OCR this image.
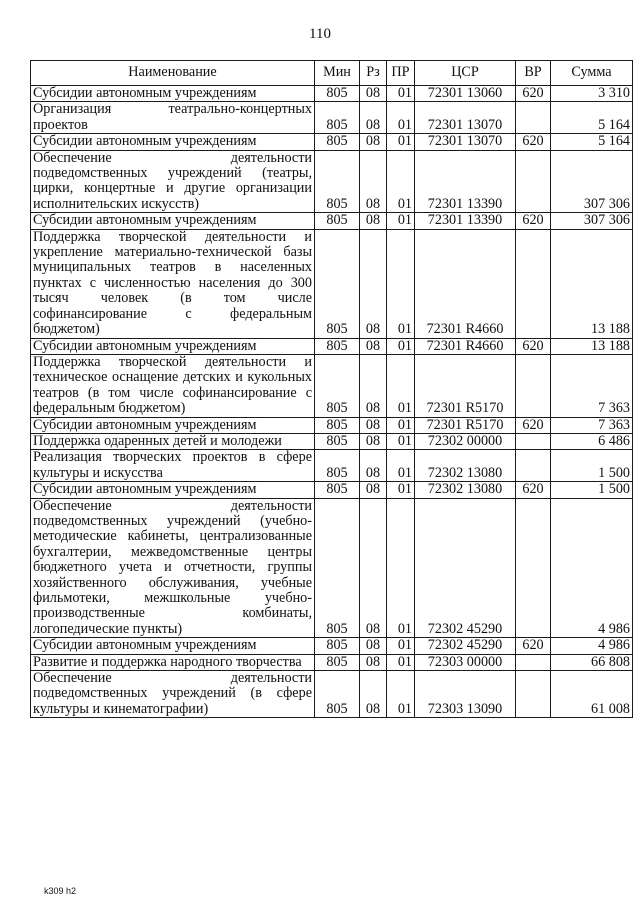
110
Наименование	Мин	Рз	ПР	ЦСР	ВР	Сумма
Субсидии автономным учреждениям	805	08	01	72301 13060	620	3 310
Организация театрально-концертных проектов	805	08	01	72301 13070		5 164
Субсидии автономным учреждениям	805	08	01	72301 13070	620	5 164
Обеспечение деятельности подведомственных учреждений (театры, цирки, концертные и другие организации исполнительских искусств)	805	08	01	72301 13390		307 306
Субсидии автономным учреждениям	805	08	01	72301 13390	620	307 306
Поддержка творческой деятельности и укрепление материально-технической базы муниципальных театров в населенных пунктах с численностью населения до 300 тысяч человек (в том числе софинансирование с федеральным бюджетом)	805	08	01	72301 R4660		13 188
Субсидии автономным учреждениям	805	08	01	72301 R4660	620	13 188
Поддержка творческой деятельности и техническое оснащение детских и кукольных театров (в том числе софинансирование с федеральным бюджетом)	805	08	01	72301 R5170		7 363
Субсидии автономным учреждениям	805	08	01	72301 R5170	620	7 363
Поддержка одаренных детей и молодежи	805	08	01	72302 00000		6 486
Реализация творческих проектов в сфере культуры и искусства	805	08	01	72302 13080		1 500
Субсидии автономным учреждениям	805	08	01	72302 13080	620	1 500
Обеспечение деятельности подведомственных учреждений (учебно-методические кабинеты, централизованные бухгалтерии, межведомственные центры бюджетного учета и отчетности, группы хозяйственного обслуживания, учебные фильмотеки, межшкольные учебно-производственные комбинаты, логопедические пункты)	805	08	01	72302 45290		4 986
Субсидии автономным учреждениям	805	08	01	72302 45290	620	4 986
Развитие и поддержка народного творчества	805	08	01	72303 00000		66 808
Обеспечение деятельности подведомственных учреждений (в сфере культуры и кинематографии)	805	08	01	72303 13090		61 008
k309 h2
